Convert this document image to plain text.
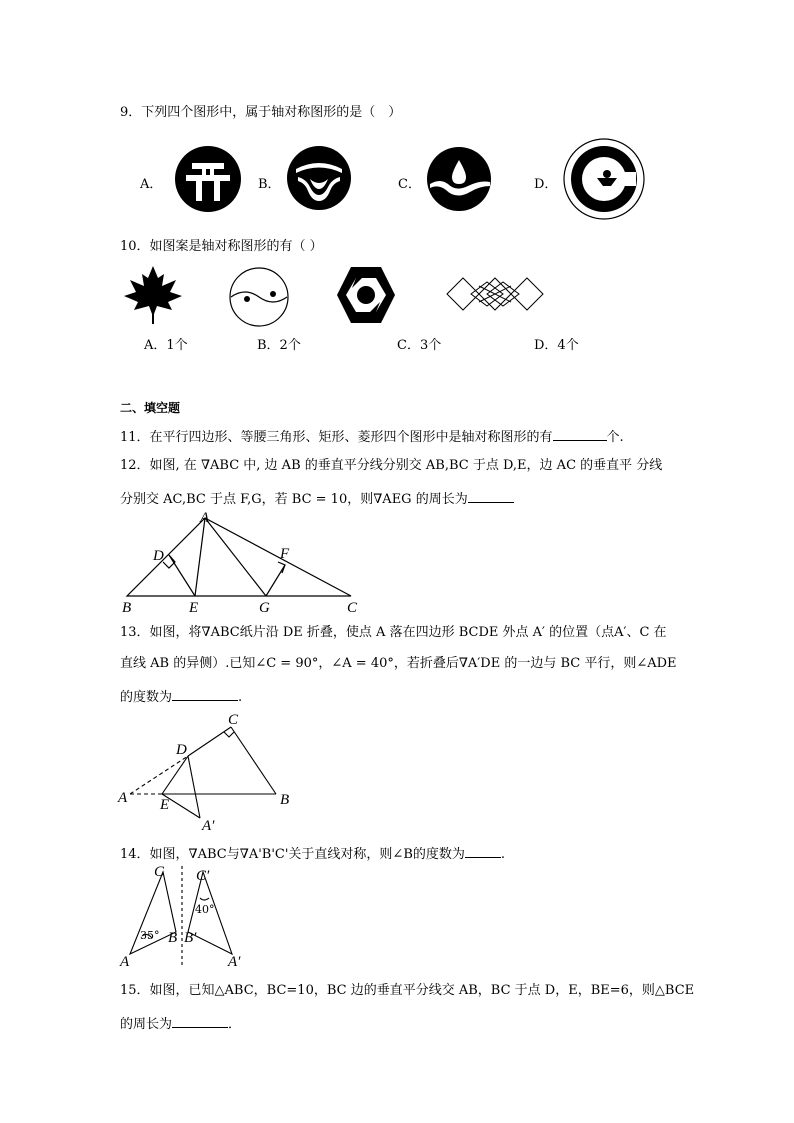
9．下列四个图形中，属于轴对称图形的是（　）
A．	B．	C．	D．
10．如图案是轴对称图形的有（ ）
A．1个	B．2个	C．3个	D．4个
二、填空题
11．在平行四边形、等腰三角形、矩形、菱形四个图形中是轴对称图形的有	个.
12．如图, 在 ∇ABC 中, 边 AB 的垂直平分线分别交 AB,BC 于点 D,E，边 AC 的垂直平 分线
分别交 AC,BC 于点 F,G，若 BC = 10，则∇AEG 的周长为
A
D	F
B	E	G	C
13．如图，将∇ABC纸片沿 DE 折叠，使点 A 落在四边形 BCDE 外点 A′ 的位置（点A′、C 在
直线 AB 的异侧）.已知∠C = 90°，∠A = 40°，若折叠后∇A′DE 的一边与 BC 平行，则∠ADE
的度数为	.
C
D
A E	B
A′
14．如图，∇ABC与∇A'B'C'关于直线对称，则∠B的度数为	.
C
A
B
35°
C′
40°
B′
A′
15．如图，已知△ABC，BC=10，BC 边的垂直平分线交 AB，BC 于点 D，E，BE=6，则△BCE
的周长为	．
